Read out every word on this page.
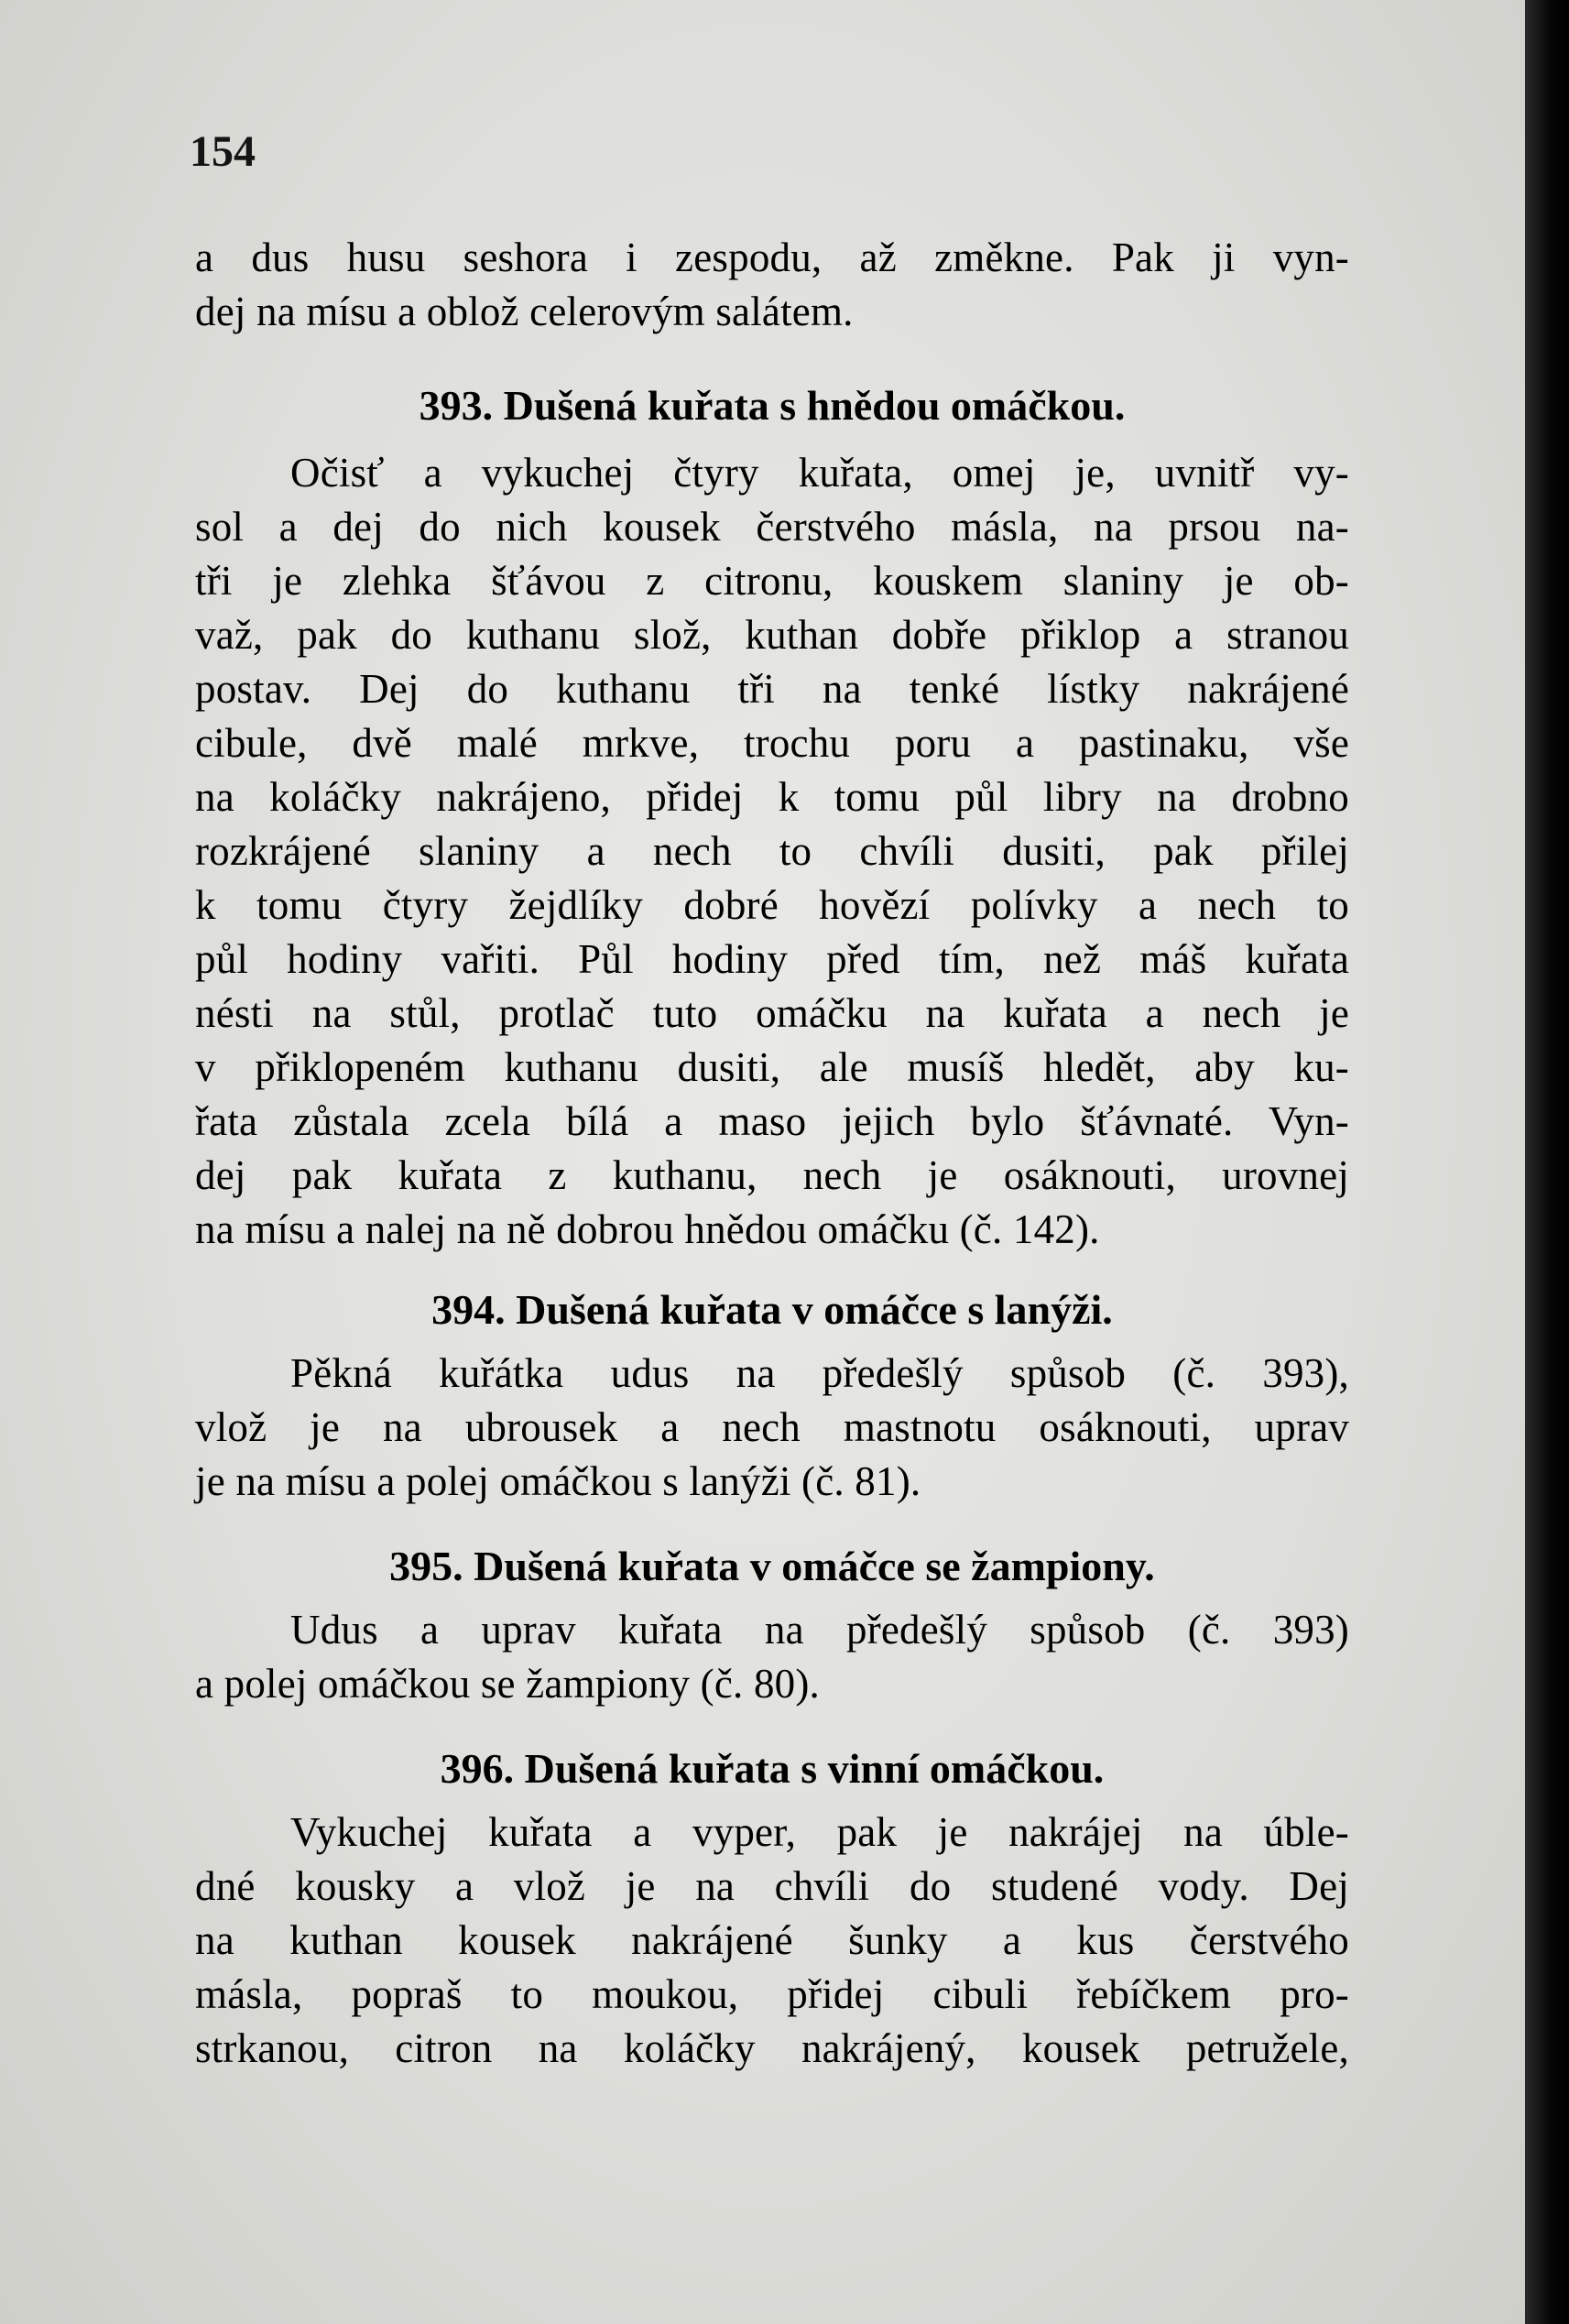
154
a dus husu seshora i zespodu, až změkne. Pak ji vyn-
dej na mísu a oblož celerovým salátem.
393. Dušená kuřata s hnědou omáčkou.
Očisť a vykuchej čtyry kuřata, omej je, uvnitř vy-
sol a dej do nich kousek čerstvého másla, na prsou na-
tři je zlehka šťávou z citronu, kouskem slaniny je ob-
važ, pak do kuthanu slož, kuthan dobře přiklop a stranou
postav. Dej do kuthanu tři na tenké lístky nakrájené
cibule, dvě malé mrkve, trochu poru a pastinaku, vše
na koláčky nakrájeno, přidej k tomu půl libry na drobno
rozkrájené slaniny a nech to chvíli dusiti, pak přilej
k tomu čtyry žejdlíky dobré hovězí polívky a nech to
půl hodiny vařiti. Půl hodiny před tím, než máš kuřata
nésti na stůl, protlač tuto omáčku na kuřata a nech je
v přiklopeném kuthanu dusiti, ale musíš hledět, aby ku-
řata zůstala zcela bílá a maso jejich bylo šťávnaté. Vyn-
dej pak kuřata z kuthanu, nech je osáknouti, urovnej
na mísu a nalej na ně dobrou hnědou omáčku (č. 142).
394. Dušená kuřata v omáčce s lanýži.
Pěkná kuřátka udus na předešlý spůsob (č. 393),
vlož je na ubrousek a nech mastnotu osáknouti, uprav
je na mísu a polej omáčkou s lanýži (č. 81).
395. Dušená kuřata v omáčce se žampiony.
Udus a uprav kuřata na předešlý spůsob (č. 393)
a polej omáčkou se žampiony (č. 80).
396. Dušená kuřata s vinní omáčkou.
Vykuchej kuřata a vyper, pak je nakrájej na úble-
dné kousky a vlož je na chvíli do studené vody. Dej
na kuthan kousek nakrájené šunky a kus čerstvého
másla, popraš to moukou, přidej cibuli řebíčkem pro-
strkanou, citron na koláčky nakrájený, kousek petružele,
